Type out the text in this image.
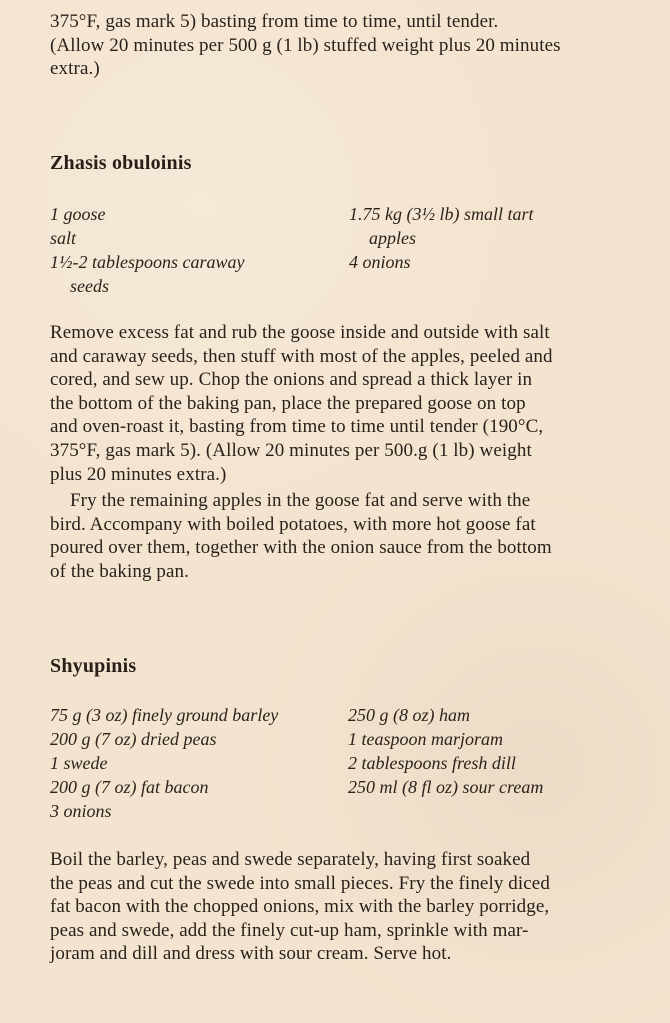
375°F, gas mark 5) basting from time to time, until tender.
(Allow 20 minutes per 500 g (1 lb) stuffed weight plus 20 minutes
extra.)
Zhasis obuloinis
1 goose
salt
1½-2 tablespoons caraway
seeds
1.75 kg (3½ lb) small tart
apples
4 onions
Remove excess fat and rub the goose inside and outside with salt
and caraway seeds, then stuff with most of the apples, peeled and
cored, and sew up. Chop the onions and spread a thick layer in
the bottom of the baking pan, place the prepared goose on top
and oven-roast it, basting from time to time until tender (190°C,
375°F, gas mark 5). (Allow 20 minutes per 500.g (1 lb) weight
plus 20 minutes extra.)
Fry the remaining apples in the goose fat and serve with the
bird. Accompany with boiled potatoes, with more hot goose fat
poured over them, together with the onion sauce from the bottom
of the baking pan.
Shyupinis
75 g (3 oz) finely ground barley
200 g (7 oz) dried peas
1 swede
200 g (7 oz) fat bacon
3 onions
250 g (8 oz) ham
1 teaspoon marjoram
2 tablespoons fresh dill
250 ml (8 fl oz) sour cream
Boil the barley, peas and swede separately, having first soaked
the peas and cut the swede into small pieces. Fry the finely diced
fat bacon with the chopped onions, mix with the barley porridge,
peas and swede, add the finely cut-up ham, sprinkle with mar-
joram and dill and dress with sour cream. Serve hot.
